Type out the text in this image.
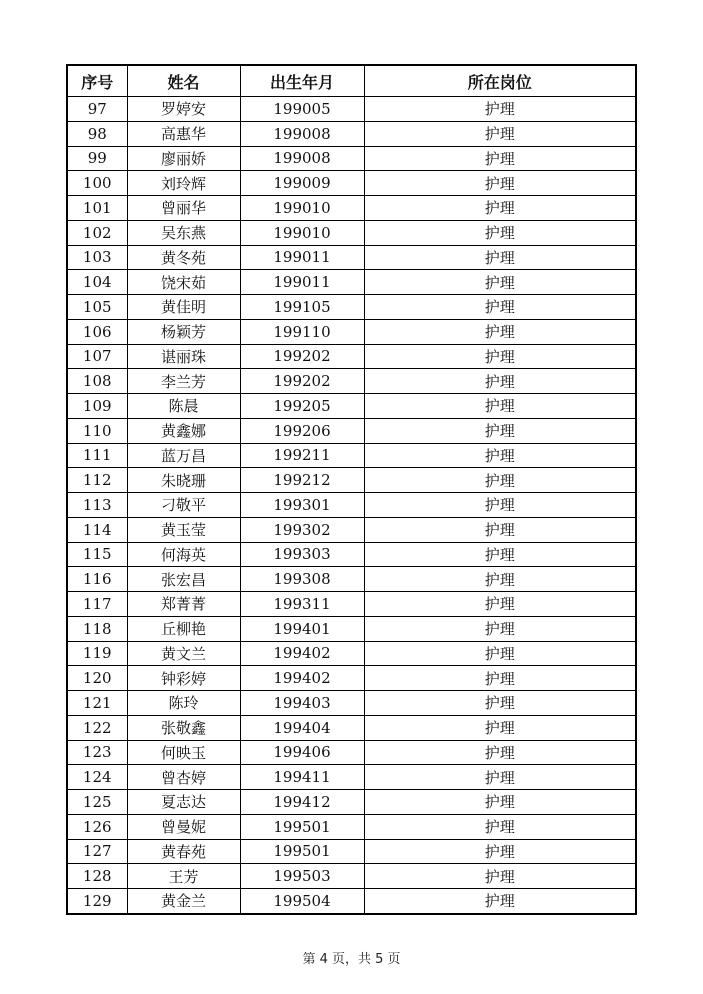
序号	姓名	出生年月	所在岗位
97	罗婷安	199005	护理
98	高惠华	199008	护理
99	廖丽娇	199008	护理
100	刘玲辉	199009	护理
101	曾丽华	199010	护理
102	吴东燕	199010	护理
103	黄冬苑	199011	护理
104	饶宋茹	199011	护理
105	黄佳明	199105	护理
106	杨颖芳	199110	护理
107	谌丽珠	199202	护理
108	李兰芳	199202	护理
109	陈晨	199205	护理
110	黄鑫娜	199206	护理
111	蓝万昌	199211	护理
112	朱晓珊	199212	护理
113	刁敬平	199301	护理
114	黄玉莹	199302	护理
115	何海英	199303	护理
116	张宏昌	199308	护理
117	郑菁菁	199311	护理
118	丘柳艳	199401	护理
119	黄文兰	199402	护理
120	钟彩婷	199402	护理
121	陈玲	199403	护理
122	张敬鑫	199404	护理
123	何映玉	199406	护理
124	曾杏婷	199411	护理
125	夏志达	199412	护理
126	曾曼妮	199501	护理
127	黄春苑	199501	护理
128	王芳	199503	护理
129	黄金兰	199504	护理
第 4 页，共 5 页
